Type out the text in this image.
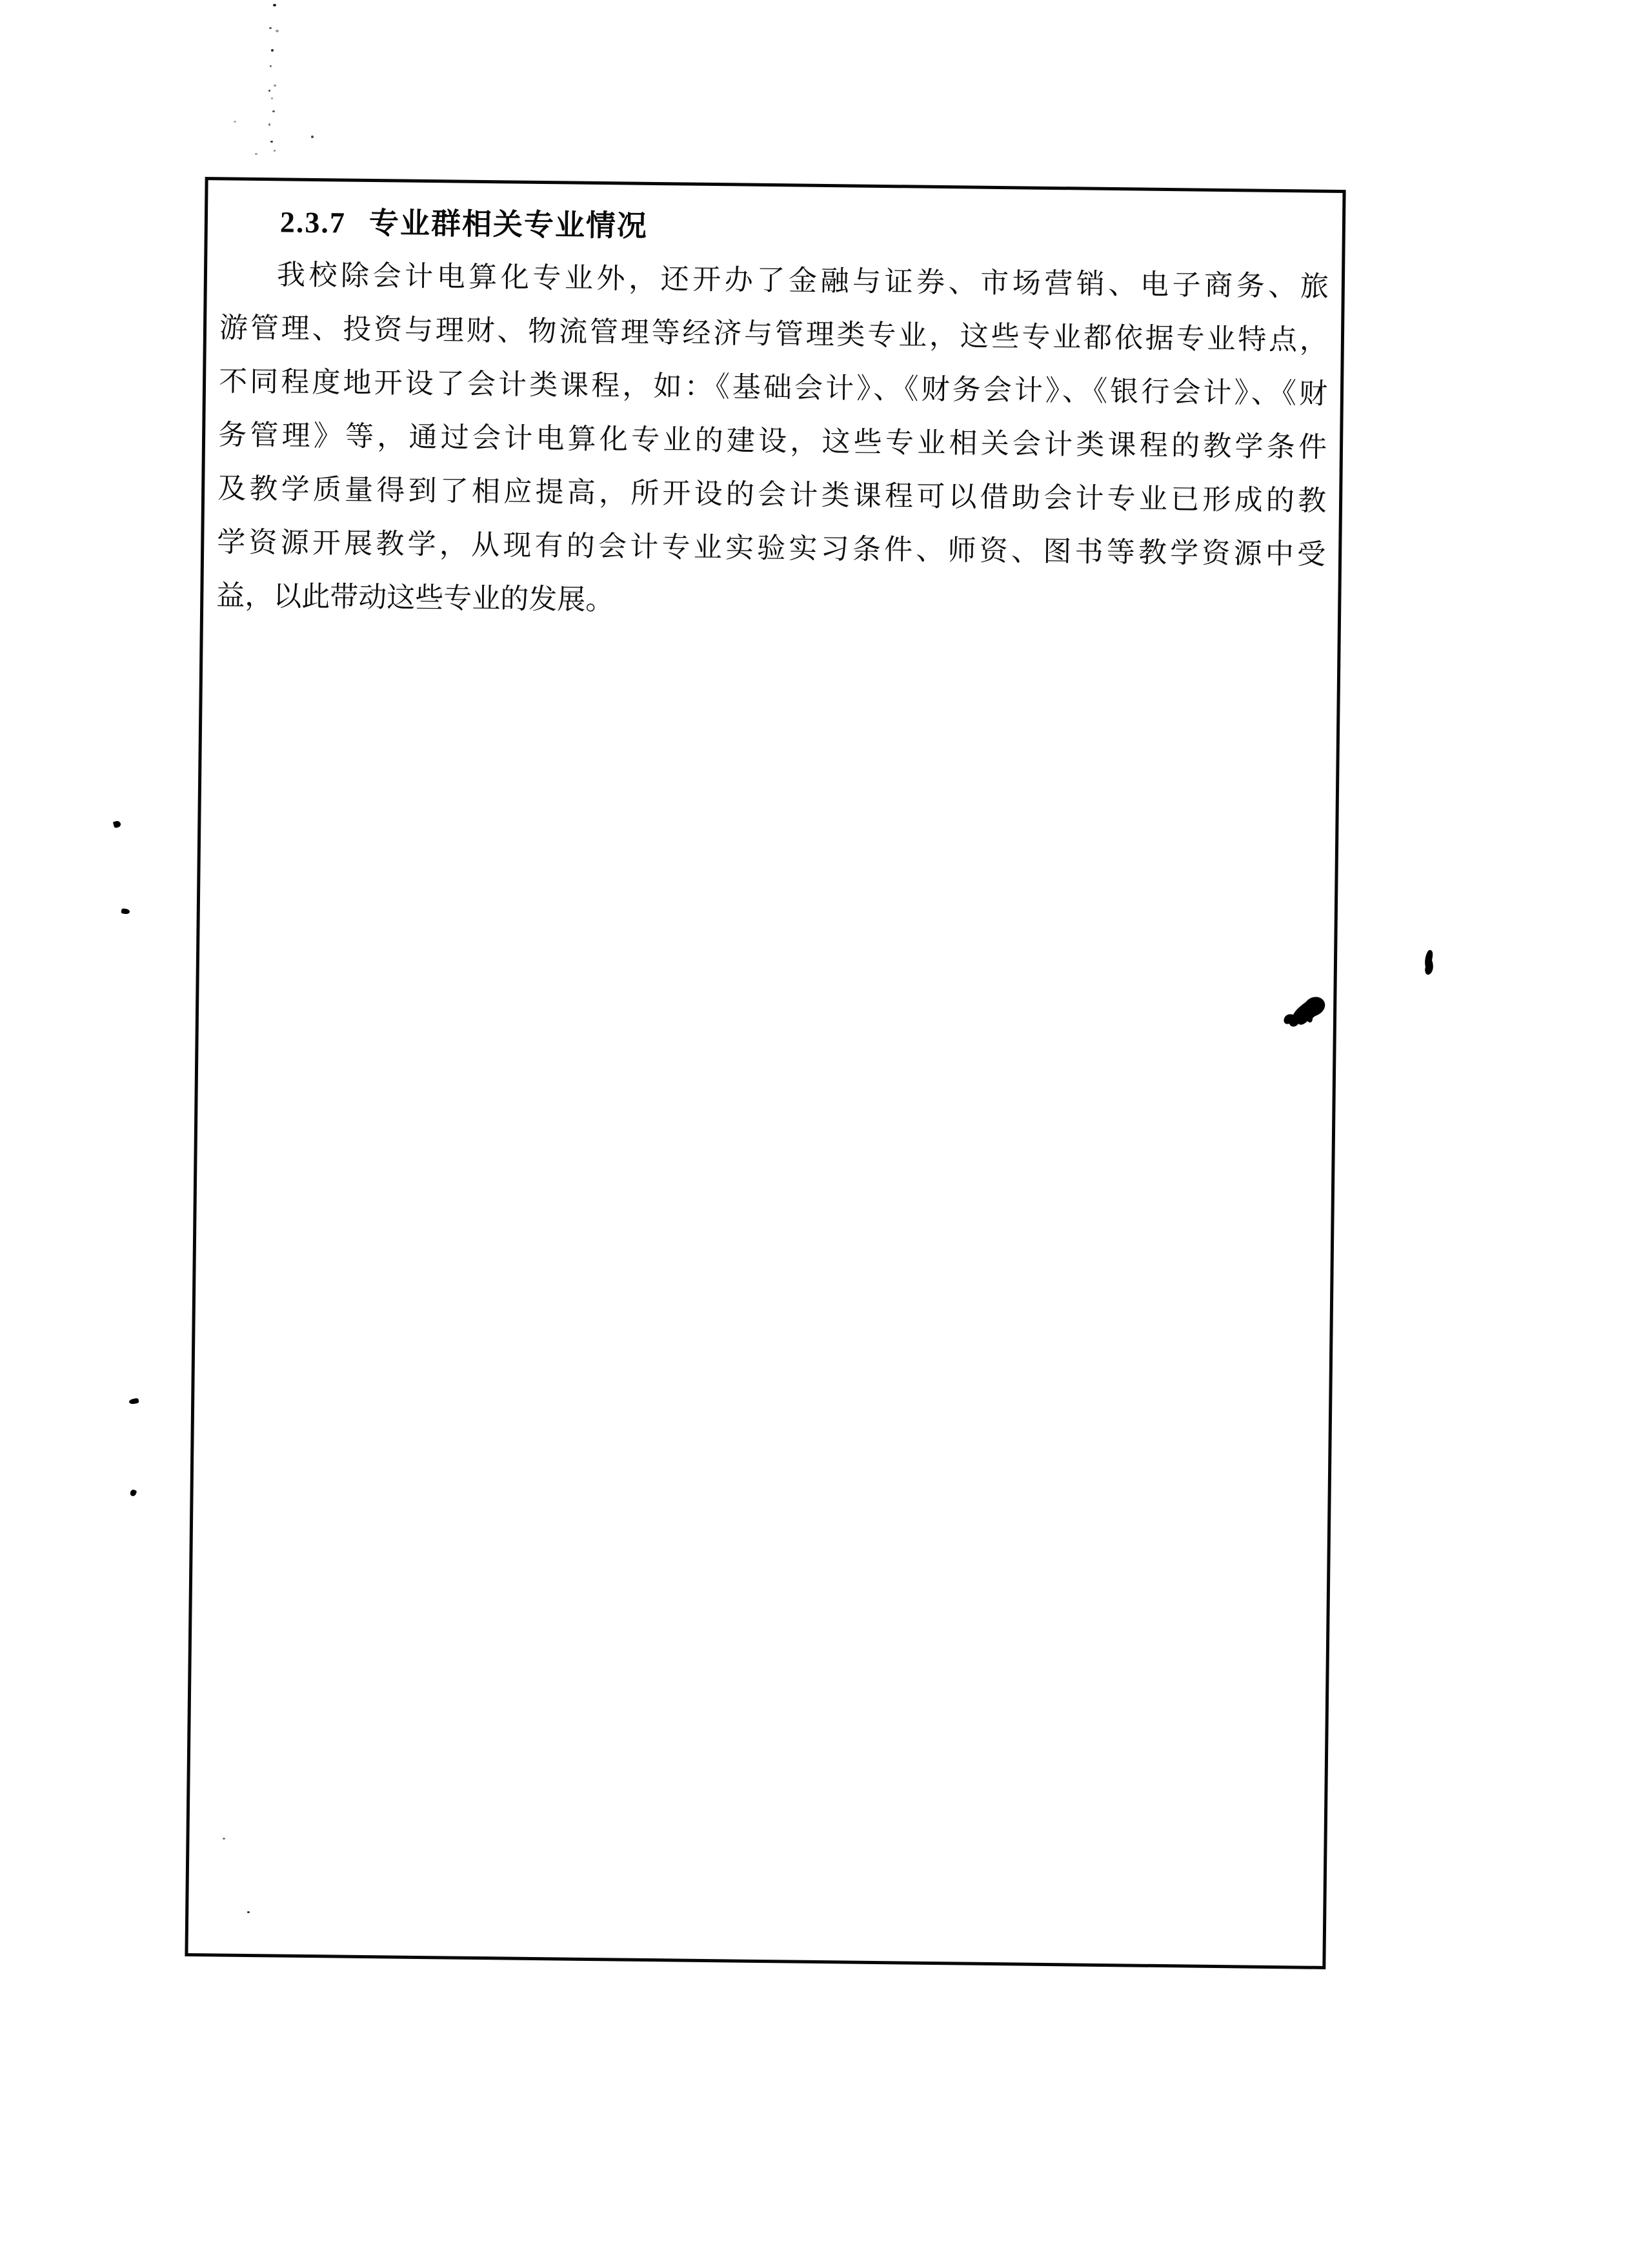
2.3.7 专业群相关专业情况
我校除会计电算化专业外，还开办了金融与证券、市场营销、电子商务、旅
游管理、投资与理财、物流管理等经济与管理类专业，这些专业都依据专业特点，
不同程度地开设了会计类课程，如：《基础会计》、《财务会计》、《银行会计》、《财
务管理》等，通过会计电算化专业的建设，这些专业相关会计类课程的教学条件
及教学质量得到了相应提高，所开设的会计类课程可以借助会计专业已形成的教
学资源开展教学，从现有的会计专业实验实习条件、师资、图书等教学资源中受
益，以此带动这些专业的发展。
